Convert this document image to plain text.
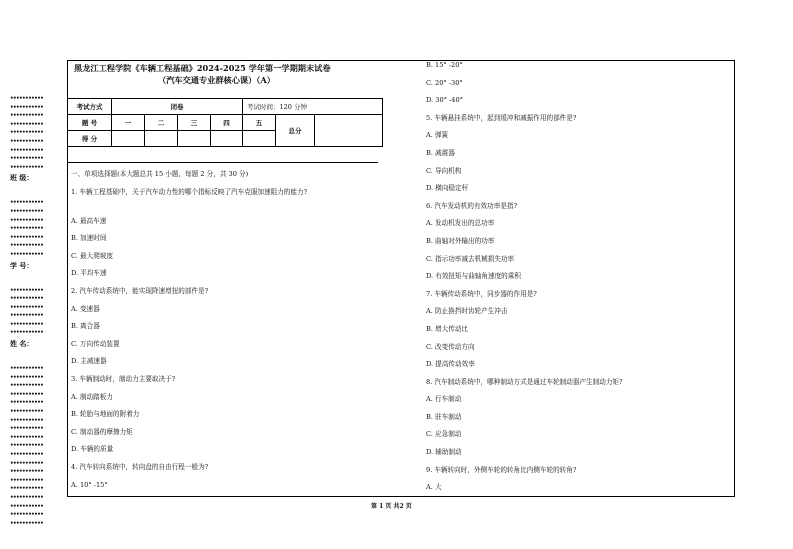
•••••••••••
•••••••••••
•••••••••••
•••••••••••
•••••••••••
•••••••••••
•••••••••••
•••••••••••
•••••••••••
班 级：
•••••••••••
•••••••••••
•••••••••••
•••••••••••
•••••••••••
•••••••••••
•••••••••••
学 号：
•••••••••••
•••••••••••
•••••••••••
•••••••••••
•••••••••••
•••••••••••
姓 名：
•••••••••••
•••••••••••
•••••••••••
•••••••••••
•••••••••••
•••••••••••
•••••••••••
•••••••••••
•••••••••••
•••••••••••
•••••••••••
•••••••••••
•••••••••••
•••••••••••
•••••••••••
•••••••••••
•••••••••••
•••••••••••
•••••••••••
黑龙江工程学院《车辆工程基础》2024-2025 学年第一学期期末试卷
（汽车交通专业群核心课）（A）
考试方式	闭卷				考试时间：120 分钟		
题 号	一	二	三	四	五	总分	
得 分							
一、单项选择题(本大题总共 15 小题，每题 2 分，共 30 分)
1. 车辆工程基础中，关于汽车动力性的哪个指标反映了汽车克服加速阻力的能力?
A. 最高车速
B. 加速时间
C. 最大爬坡度
D. 平均车速
2. 汽车传动系统中，能实现降速增扭的部件是?
A. 变速器
B. 离合器
C. 万向传动装置
D. 主减速器
3. 车辆制动时，制动力主要取决于?
A. 制动踏板力
B. 轮胎与地面的附着力
C. 制动器的摩擦力矩
D. 车辆的质量
4. 汽车转向系统中，转向盘的自由行程一般为?
A. 10° -15°
B. 15° -20°
C. 20° -30°
D. 30° -40°
5. 车辆悬挂系统中，起到缓冲和减振作用的部件是?
A. 弹簧
B. 减震器
C. 导向机构
D. 横向稳定杆
6. 汽车发动机的有效功率是指?
A. 发动机发出的总功率
B. 曲轴对外输出的功率
C. 指示功率减去机械损失功率
D. 有效扭矩与曲轴角速度的乘积
7. 车辆传动系统中，同步器的作用是?
A. 防止换挡时齿轮产生冲击
B. 增大传动比
C. 改变传动方向
D. 提高传动效率
8. 汽车制动系统中，哪种制动方式是通过车轮制动器产生制动力矩?
A. 行车制动
B. 驻车制动
C. 应急制动
D. 辅助制动
9. 车辆转向时，外侧车轮的转角比内侧车轮的转角?
A. 大
第 1 页 共2 页
